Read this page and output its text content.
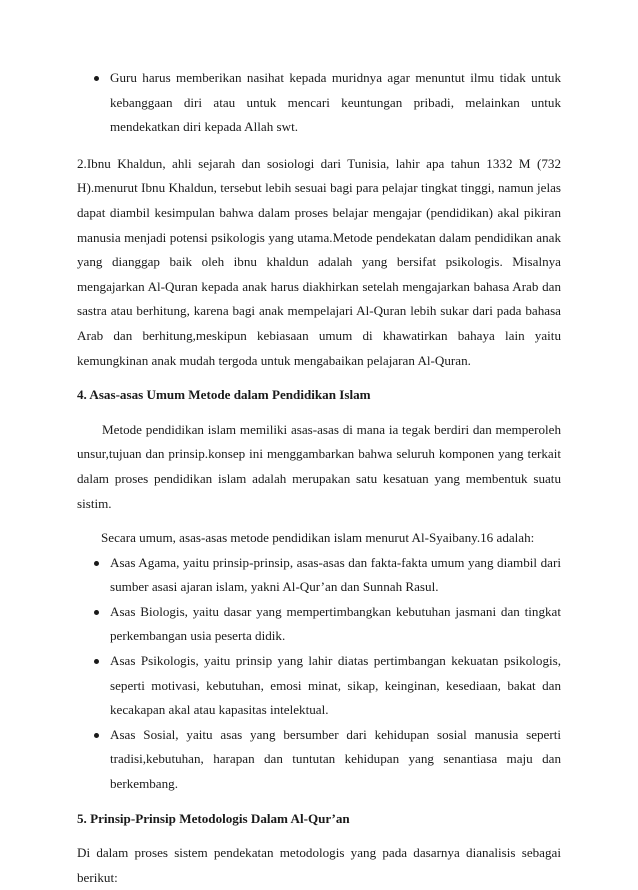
Guru harus memberikan nasihat kepada muridnya agar menuntut ilmu tidak untuk kebanggaan diri atau untuk mencari keuntungan pribadi, melainkan untuk mendekatkan diri kepada Allah swt.

2.Ibnu Khaldun, ahli sejarah dan sosiologi dari Tunisia, lahir apa tahun 1332 M (732 H).menurut Ibnu Khaldun, tersebut lebih sesuai bagi para pelajar tingkat tinggi, namun jelas dapat diambil kesimpulan bahwa dalam proses belajar mengajar (pendidikan) akal pikiran manusia menjadi potensi psikologis yang utama.Metode pendekatan dalam pendidikan anak yang dianggap baik oleh ibnu khaldun adalah yang bersifat psikologis. Misalnya mengajarkan Al-Quran kepada anak harus diakhirkan setelah mengajarkan bahasa Arab dan sastra atau berhitung, karena bagi anak mempelajari Al-Quran lebih sukar dari pada bahasa Arab dan berhitung,meskipun kebiasaan umum di khawatirkan bahaya lain yaitu kemungkinan anak mudah tergoda untuk mengabaikan pelajaran Al-Quran.

4. Asas-asas Umum Metode dalam Pendidikan Islam

Metode pendidikan islam memiliki asas-asas di mana ia tegak berdiri dan memperoleh unsur,tujuan dan prinsip.konsep ini menggambarkan bahwa seluruh komponen yang terkait dalam proses pendidikan islam adalah merupakan satu kesatuan yang membentuk suatu sistim.

Secara umum, asas-asas metode pendidikan islam menurut Al-Syaibany.16 adalah:

Asas Agama, yaitu prinsip-prinsip, asas-asas dan fakta-fakta umum yang diambil dari sumber asasi ajaran islam, yakni Al-Qur’an dan Sunnah Rasul.
Asas Biologis, yaitu dasar yang mempertimbangkan kebutuhan jasmani dan tingkat perkembangan usia peserta didik.
Asas Psikologis, yaitu prinsip yang lahir diatas pertimbangan kekuatan psikologis, seperti motivasi, kebutuhan, emosi minat, sikap, keinginan, kesediaan, bakat dan kecakapan akal atau kapasitas intelektual.
Asas Sosial, yaitu asas yang bersumber dari kehidupan sosial manusia seperti tradisi,kebutuhan, harapan dan tuntutan kehidupan yang senantiasa maju dan berkembang.

5. Prinsip-Prinsip Metodologis Dalam Al-Qur’an

Di dalam proses sistem pendekatan metodologis yang pada dasarnya dianalisis sebagai berikut:
